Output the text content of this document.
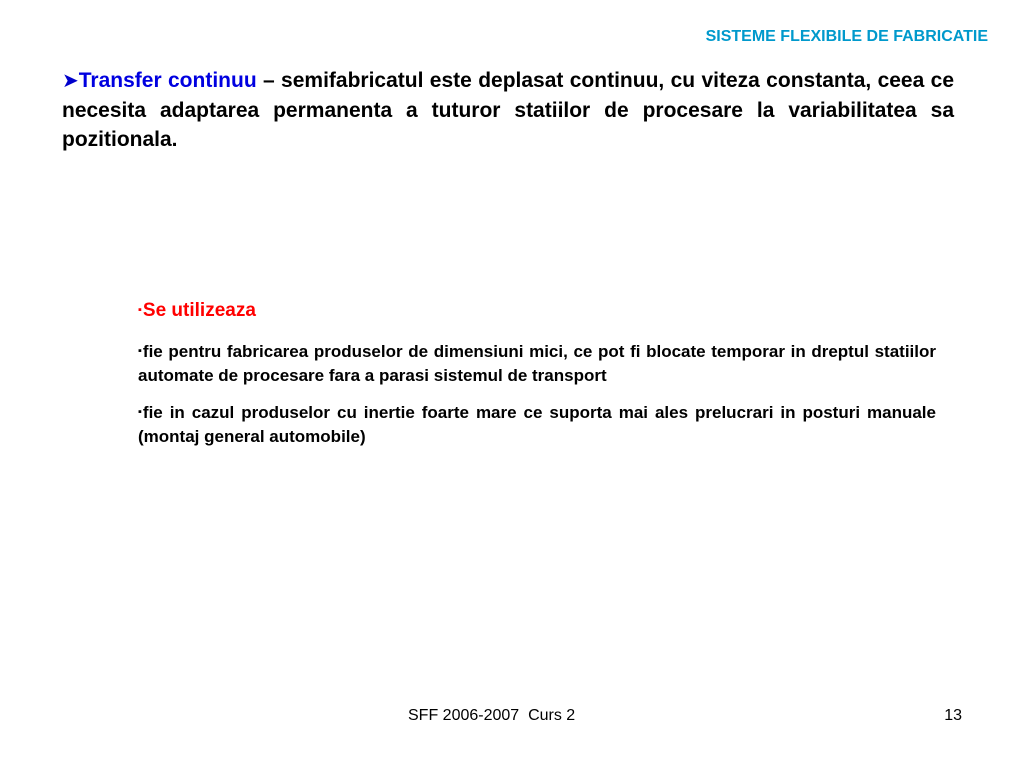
SISTEME FLEXIBILE DE FABRICATIE

➤Transfer continuu – semifabricatul este deplasat continuu, cu viteza constanta, ceea ce necesita adaptarea permanenta a tuturor statiilor de procesare la variabilitatea sa pozitionala.

▪Se utilizeaza

▪fie pentru fabricarea produselor de dimensiuni mici, ce pot fi blocate temporar in dreptul statiilor automate de procesare fara a parasi sistemul de transport

▪fie in cazul produselor cu inertie foarte mare ce suporta mai ales prelucrari in posturi manuale (montaj general automobile)

SFF 2006-2007  Curs 2	13
